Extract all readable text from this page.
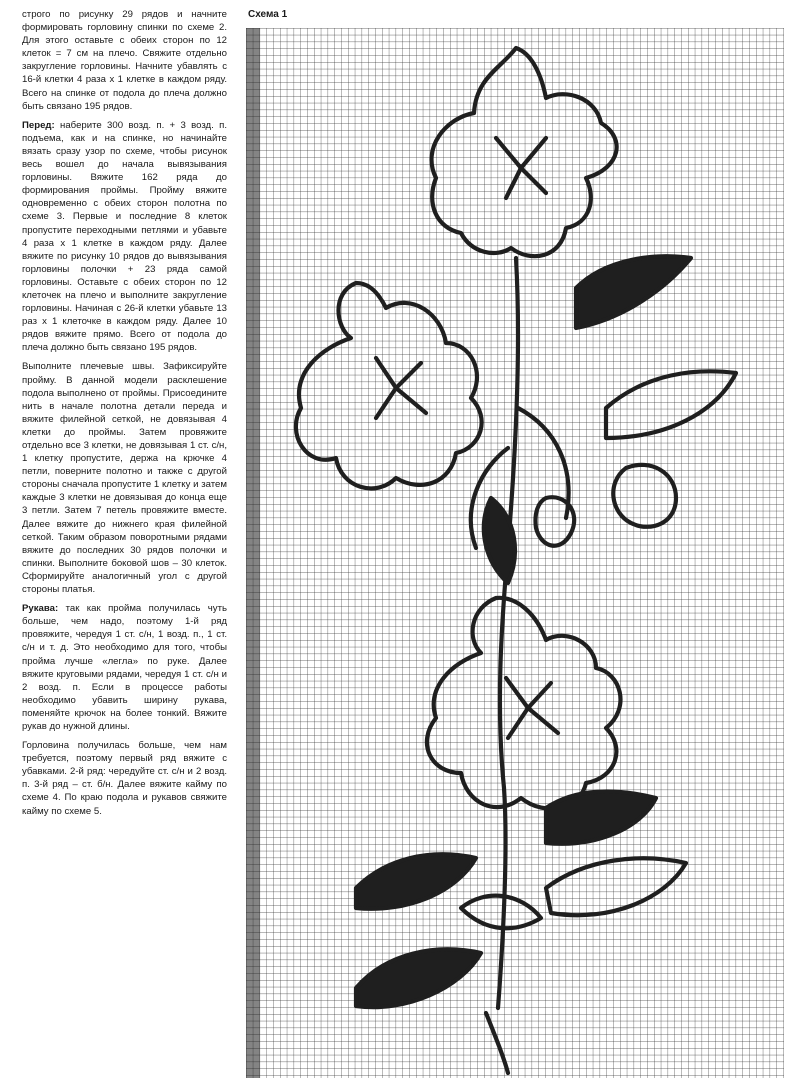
строго по рисунку 29 рядов и начните формировать горловину спинки по схеме 2. Для этого оставьте с обеих сторон по 12 клеток = 7 см на плечо. Свяжите отдельно закругление горловины. Начните убавлять с 16-й клетки 4 раза х 1 клетке в каждом ряду. Всего на спинке от подола до плеча должно быть связано 195 рядов.

Перед: наберите 300 возд. п. + 3 возд. п. подъема, как и на спинке, но начинайте вязать сразу узор по схеме, чтобы рисунок весь вошел до начала вывязывания горловины. Вяжите 162 ряда до формирования проймы. Пройму вяжите одновременно с обеих сторон полотна по схеме 3. Первые и последние 8 клеток пропустите переходными петлями и убавьте 4 раза х 1 клетке в каждом ряду. Далее вяжите по рисунку 10 рядов до вывязывания горловины полочки + 23 ряда самой горловины. Оставьте с обеих сторон по 12 клеточек на плечо и выполните закругление горловины. Начиная с 26-й клетки убавьте 13 раз х 1 клеточке в каждом ряду. Далее 10 рядов вяжите прямо. Всего от подола до плеча должно быть связано 195 рядов.

Выполните плечевые швы. Зафиксируйте пройму. В данной модели расклешение подола выполнено от проймы. Присоедините нить в начале полотна детали переда и вяжите филейной сеткой, не довязывая 4 клетки до проймы. Затем провяжите отдельно все 3 клетки, не довязывая 1 ст. с/н, 1 клетку пропустите, держа на крючке 4 петли, поверните полотно и также с другой стороны сначала пропустите 1 клетку и затем каждые 3 клетки не довязывая до конца еще 3 петли. Затем 7 петель провяжите вместе. Далее вяжите до нижнего края филейной сеткой. Таким образом поворотными рядами вяжите до последних 30 рядов полочки и спинки. Выполните боковой шов – 30 клеток. Сформируйте аналогичный угол с другой стороны платья.

Рукава: так как пройма получилась чуть больше, чем надо, поэтому 1-й ряд провяжите, чередуя 1 ст. с/н, 1 возд. п., 1 ст. с/н и т. д. Это необходимо для того, чтобы пройма лучше «легла» по руке. Далее вяжите круговыми рядами, чередуя 1 ст. с/н и 2 возд. п. Если в процессе работы необходимо убавить ширину рукава, поменяйте крючок на более тонкий. Вяжите рукав до нужной длины.

Горловина получилась больше, чем нам требуется, поэтому первый ряд вяжите с убавками. 2-й ряд: чередуйте ст. с/н и 2 возд. п. 3-й ряд – ст. б/н. Далее вяжите кайму по схеме 4. По краю подола и рукавов свяжите кайму по схеме 5.

Схема 1
